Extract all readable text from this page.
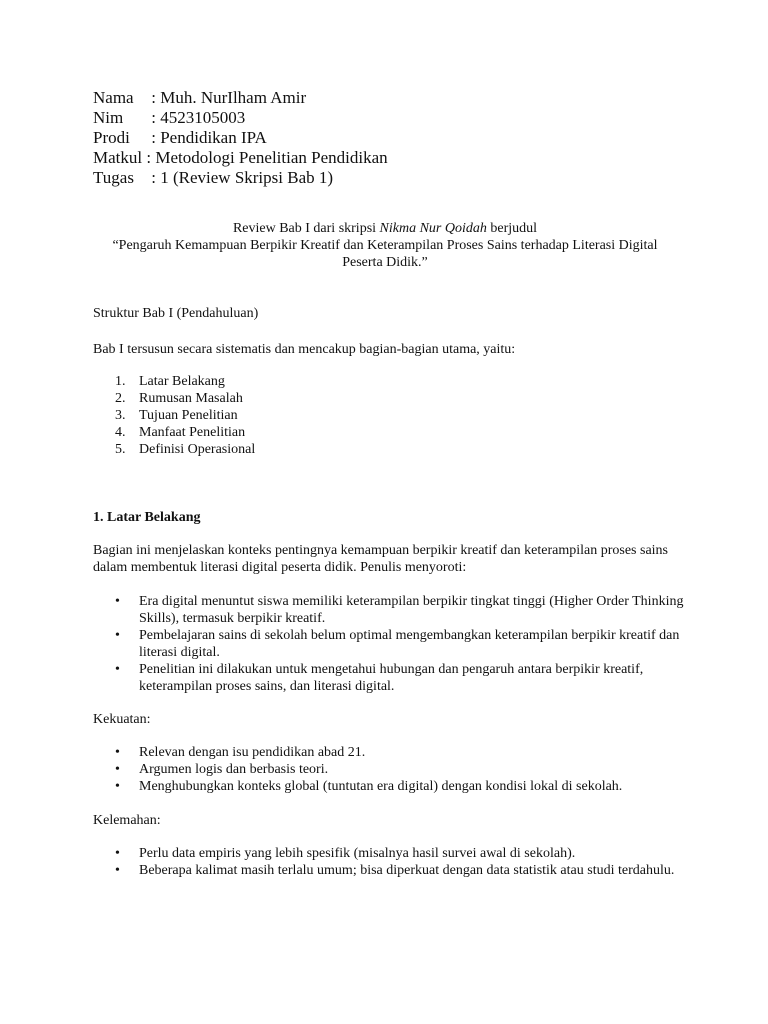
Nama : Muh. NurIlham Amir
Nim	: 4523105003
Prodi	: Pendidikan IPA
Matkul : Metodologi Penelitian Pendidikan
Tugas : 1 (Review Skripsi Bab 1)
Review Bab I dari skripsi Nikma Nur Qoidah berjudul
“Pengaruh Kemampuan Berpikir Kreatif dan Keterampilan Proses Sains terhadap Literasi Digital Peserta Didik.”
Struktur Bab I (Pendahuluan)
Bab I tersusun secara sistematis dan mencakup bagian-bagian utama, yaitu:
1. Latar Belakang
2. Rumusan Masalah
3. Tujuan Penelitian
4. Manfaat Penelitian
5. Definisi Operasional
1. Latar Belakang
Bagian ini menjelaskan konteks pentingnya kemampuan berpikir kreatif dan keterampilan proses sains dalam membentuk literasi digital peserta didik. Penulis menyoroti:
• Era digital menuntut siswa memiliki keterampilan berpikir tingkat tinggi (Higher Order Thinking Skills), termasuk berpikir kreatif.
• Pembelajaran sains di sekolah belum optimal mengembangkan keterampilan berpikir kreatif dan literasi digital.
• Penelitian ini dilakukan untuk mengetahui hubungan dan pengaruh antara berpikir kreatif, keterampilan proses sains, dan literasi digital.
Kekuatan:
• Relevan dengan isu pendidikan abad 21.
• Argumen logis dan berbasis teori.
• Menghubungkan konteks global (tuntutan era digital) dengan kondisi lokal di sekolah.
Kelemahan:
• Perlu data empiris yang lebih spesifik (misalnya hasil survei awal di sekolah).
• Beberapa kalimat masih terlalu umum; bisa diperkuat dengan data statistik atau studi terdahulu.
